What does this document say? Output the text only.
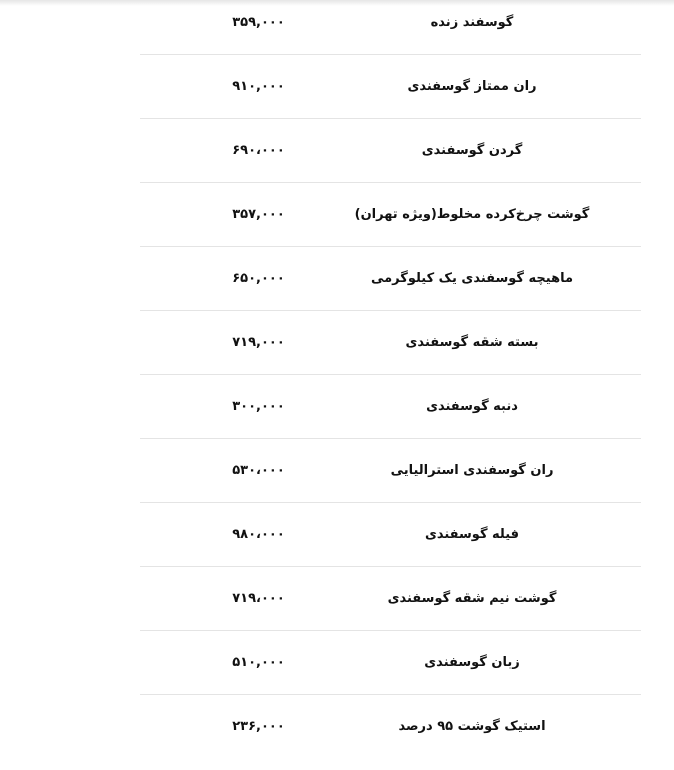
گوسفند زنده
۳۵۹,۰۰۰
ران ممتاز گوسفندی
۹۱۰,۰۰۰
گردن گوسفندی
۶۹۰،۰۰۰
گوشت چرخ‌کرده مخلوط(ویژه تهران)
۳۵۷,۰۰۰
ماهیچه گوسفندی یک کیلوگرمی
۶۵۰,۰۰۰
بسته شقه گوسفندی
۷۱۹,۰۰۰
دنبه گوسفندی
۳۰۰,۰۰۰
ران گوسفندی استرالیایی
۵۳۰،۰۰۰
فیله گوسفندی
۹۸۰،۰۰۰
گوشت نیم شقه گوسفندی
۷۱۹،۰۰۰
زبان گوسفندی
۵۱۰,۰۰۰
استیک گوشت ۹۵ درصد
۲۳۶,۰۰۰
